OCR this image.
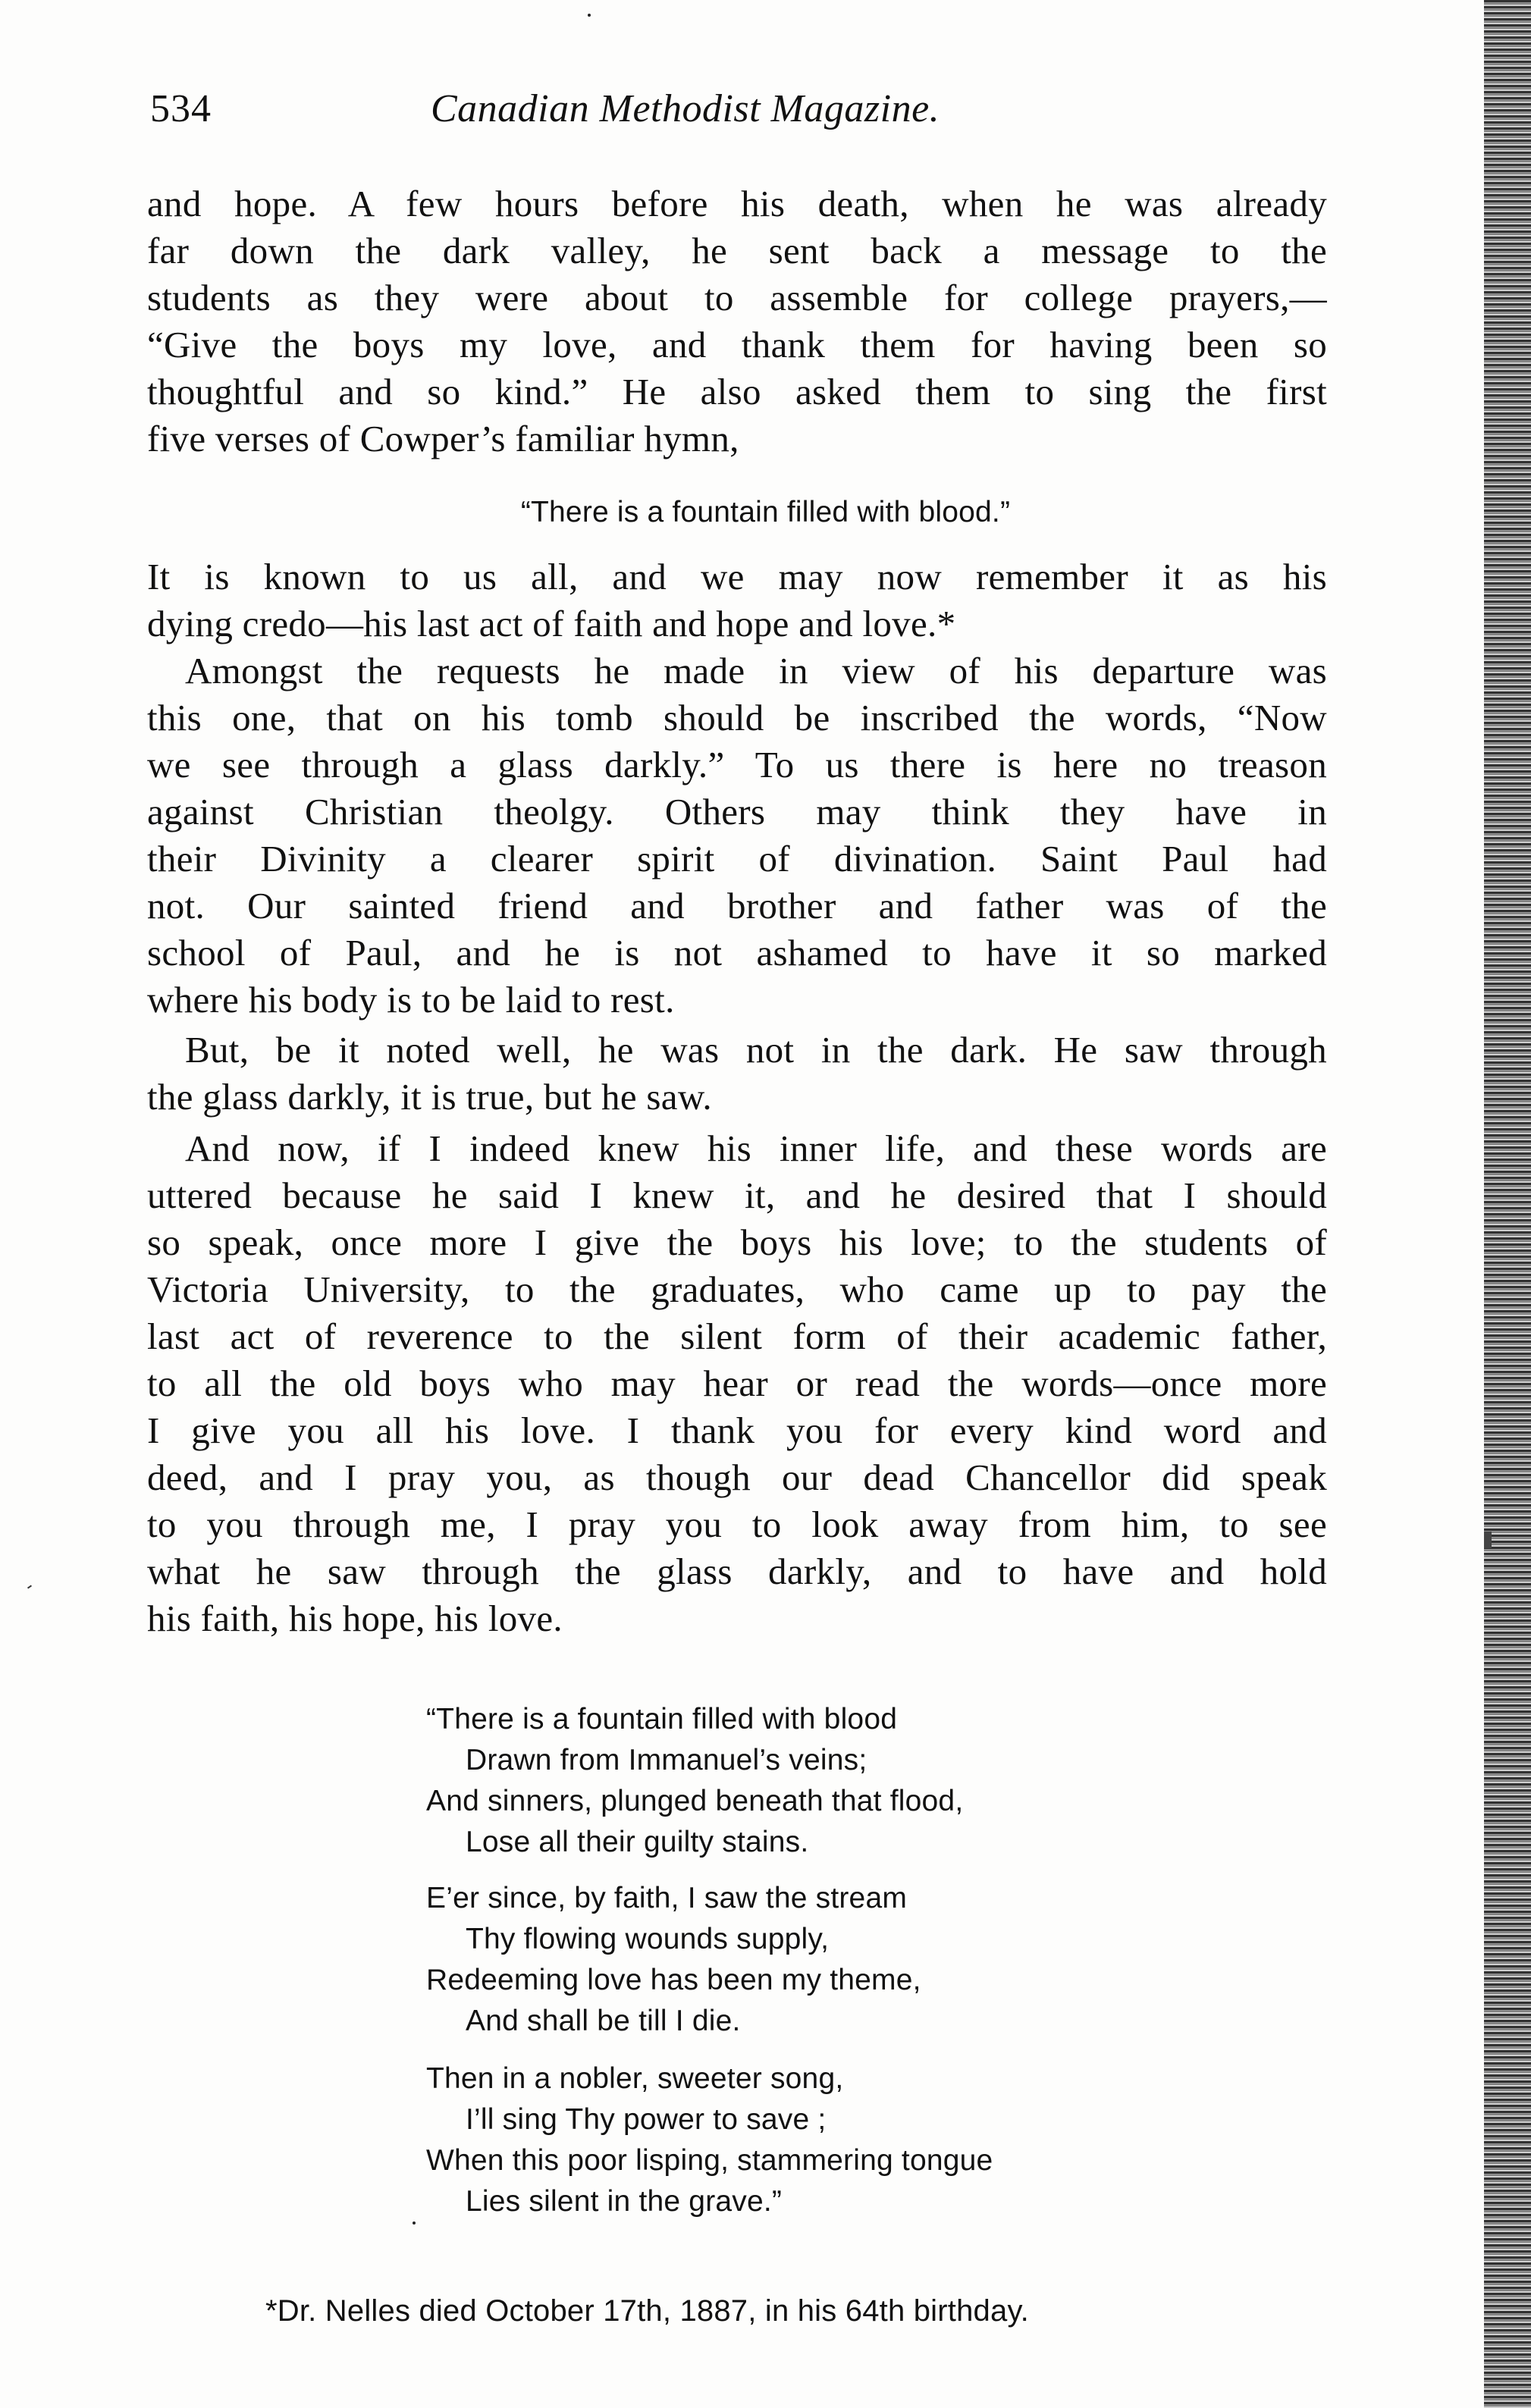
534	Canadian Methodist Magazine.
and hope. A few hours before his death, when he was already
far down the dark valley, he sent back a message to the
students as they were about to assemble for college prayers,—
“Give the boys my love, and thank them for having been so
thoughtful and so kind.” He also asked them to sing the first
five verses of Cowper’s familiar hymn,
“There is a fountain filled with blood.”
It is known to us all, and we may now remember it as his
dying credo—his last act of faith and hope and love.*
Amongst the requests he made in view of his departure was
this one, that on his tomb should be inscribed the words, “Now
we see through a glass darkly.” To us there is here no treason
against Christian theolgy. Others may think they have in
their Divinity a clearer spirit of divination. Saint Paul had
not. Our sainted friend and brother and father was of the
school of Paul, and he is not ashamed to have it so marked
where his body is to be laid to rest.
But, be it noted well, he was not in the dark. He saw through
the glass darkly, it is true, but he saw.
And now, if I indeed knew his inner life, and these words are
uttered because he said I knew it, and he desired that I should
so speak, once more I give the boys his love; to the students of
Victoria University, to the graduates, who came up to pay the
last act of reverence to the silent form of their academic father,
to all the old boys who may hear or read the words—once more
I give you all his love. I thank you for every kind word and
deed, and I pray you, as though our dead Chancellor did speak
to you through me, I pray you to look away from him, to see
what he saw through the glass darkly, and to have and hold
his faith, his hope, his love.
“There is a fountain filled with blood
Drawn from Immanuel’s veins;
And sinners, plunged beneath that flood,
Lose all their guilty stains.
E’er since, by faith, I saw the stream
Thy flowing wounds supply,
Redeeming love has been my theme,
And shall be till I die.
Then in a nobler, sweeter song,
I’ll sing Thy power to save ;
When this poor lisping, stammering tongue
Lies silent in the grave.”
*Dr. Nelles died October 17th, 1887, in his 64th birthday.
